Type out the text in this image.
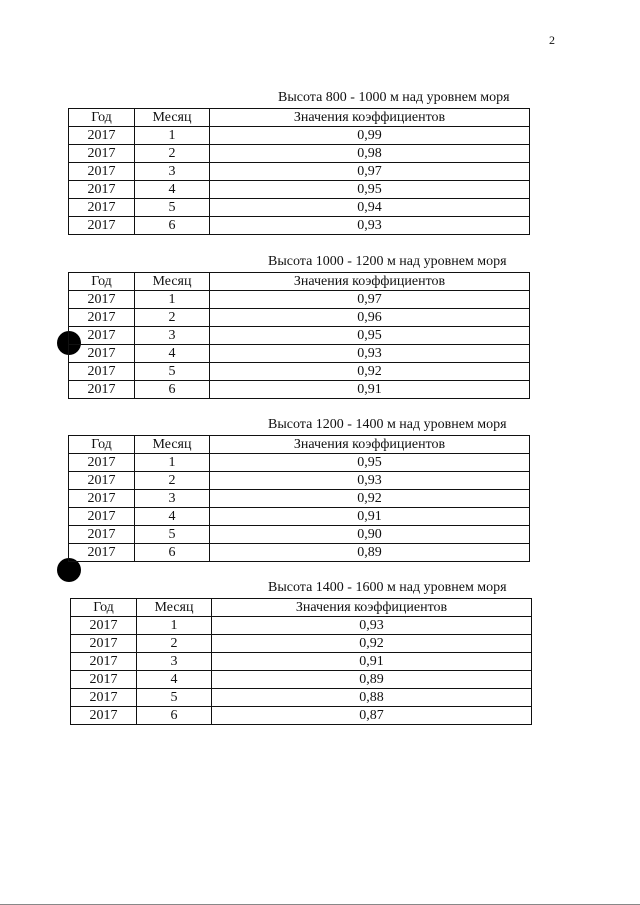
2
Высота 800 - 1000 м над уровнем моря
Год	Месяц	Значения коэффициентов
2017	1	0,99
2017	2	0,98
2017	3	0,97
2017	4	0,95
2017	5	0,94
2017	6	0,93
Высота 1000 - 1200 м над уровнем моря
Год	Месяц	Значения коэффициентов
2017	1	0,97
2017	2	0,96
2017	3	0,95
2017	4	0,93
2017	5	0,92
2017	6	0,91
Высота 1200 - 1400 м над уровнем моря
Год	Месяц	Значения коэффициентов
2017	1	0,95
2017	2	0,93
2017	3	0,92
2017	4	0,91
2017	5	0,90
2017	6	0,89
Высота 1400 - 1600 м над уровнем моря
Год	Месяц	Значения коэффициентов
2017	1	0,93
2017	2	0,92
2017	3	0,91
2017	4	0,89
2017	5	0,88
2017	6	0,87
